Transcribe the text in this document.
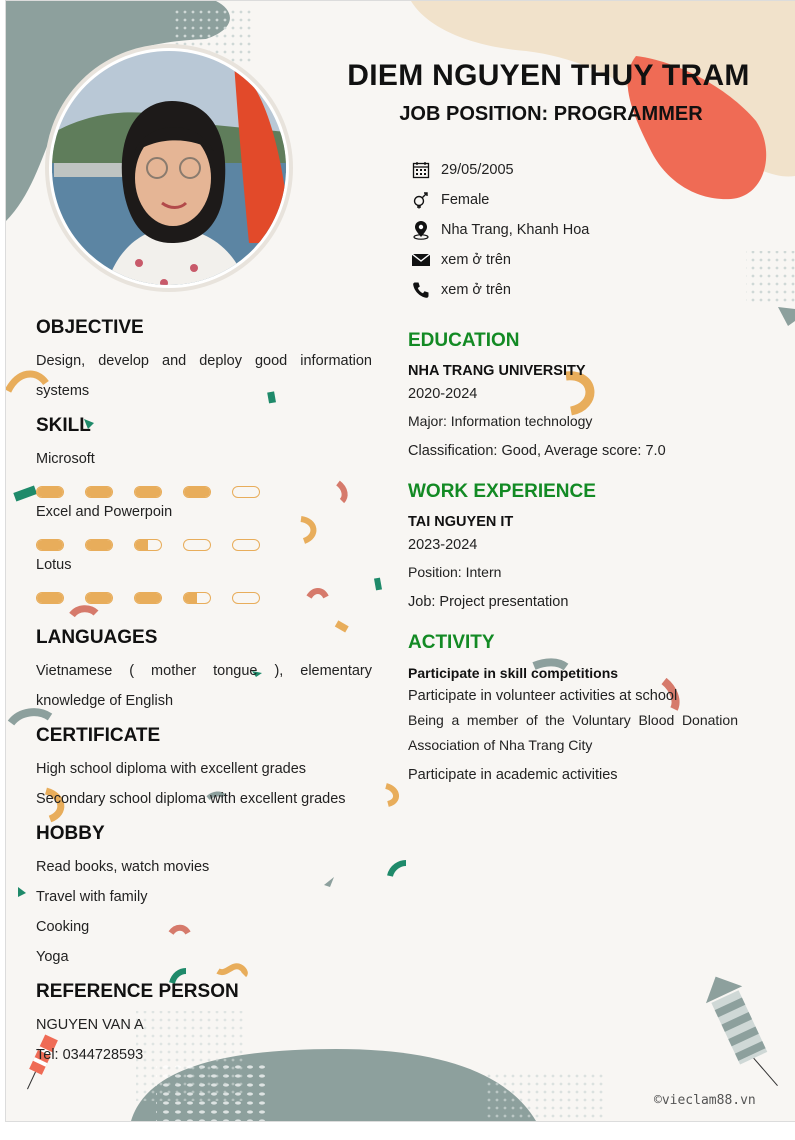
DIEM NGUYEN THUY TRAM
JOB POSITION: PROGRAMMER
29/05/2005
Female
Nha Trang, Khanh Hoa
xem ở trên
xem ở trên
OBJECTIVE
Design, develop and deploy good information
systems
SKILL
Microsoft
Excel and Powerpoin
Lotus
LANGUAGES
Vietnamese ( mother tongue ), elementary
knowledge of English
CERTIFICATE
High school diploma with excellent grades
Secondary school diploma with excellent grades
HOBBY
Read books, watch movies
Travel with family
Cooking
Yoga
REFERENCE PERSON
NGUYEN VAN A
Tel: 0344728593
EDUCATION
NHA TRANG UNIVERSITY
2020-2024
Major: Information technology
Classification: Good, Average score: 7.0
WORK EXPERIENCE
TAI NGUYEN IT
2023-2024
Position: Intern
Job: Project presentation
ACTIVITY
Participate in skill competitions
Participate in volunteer activities at school
Being a member of the Voluntary Blood Donation
Association of Nha Trang City
Participate in academic activities
©vieclam88.vn
